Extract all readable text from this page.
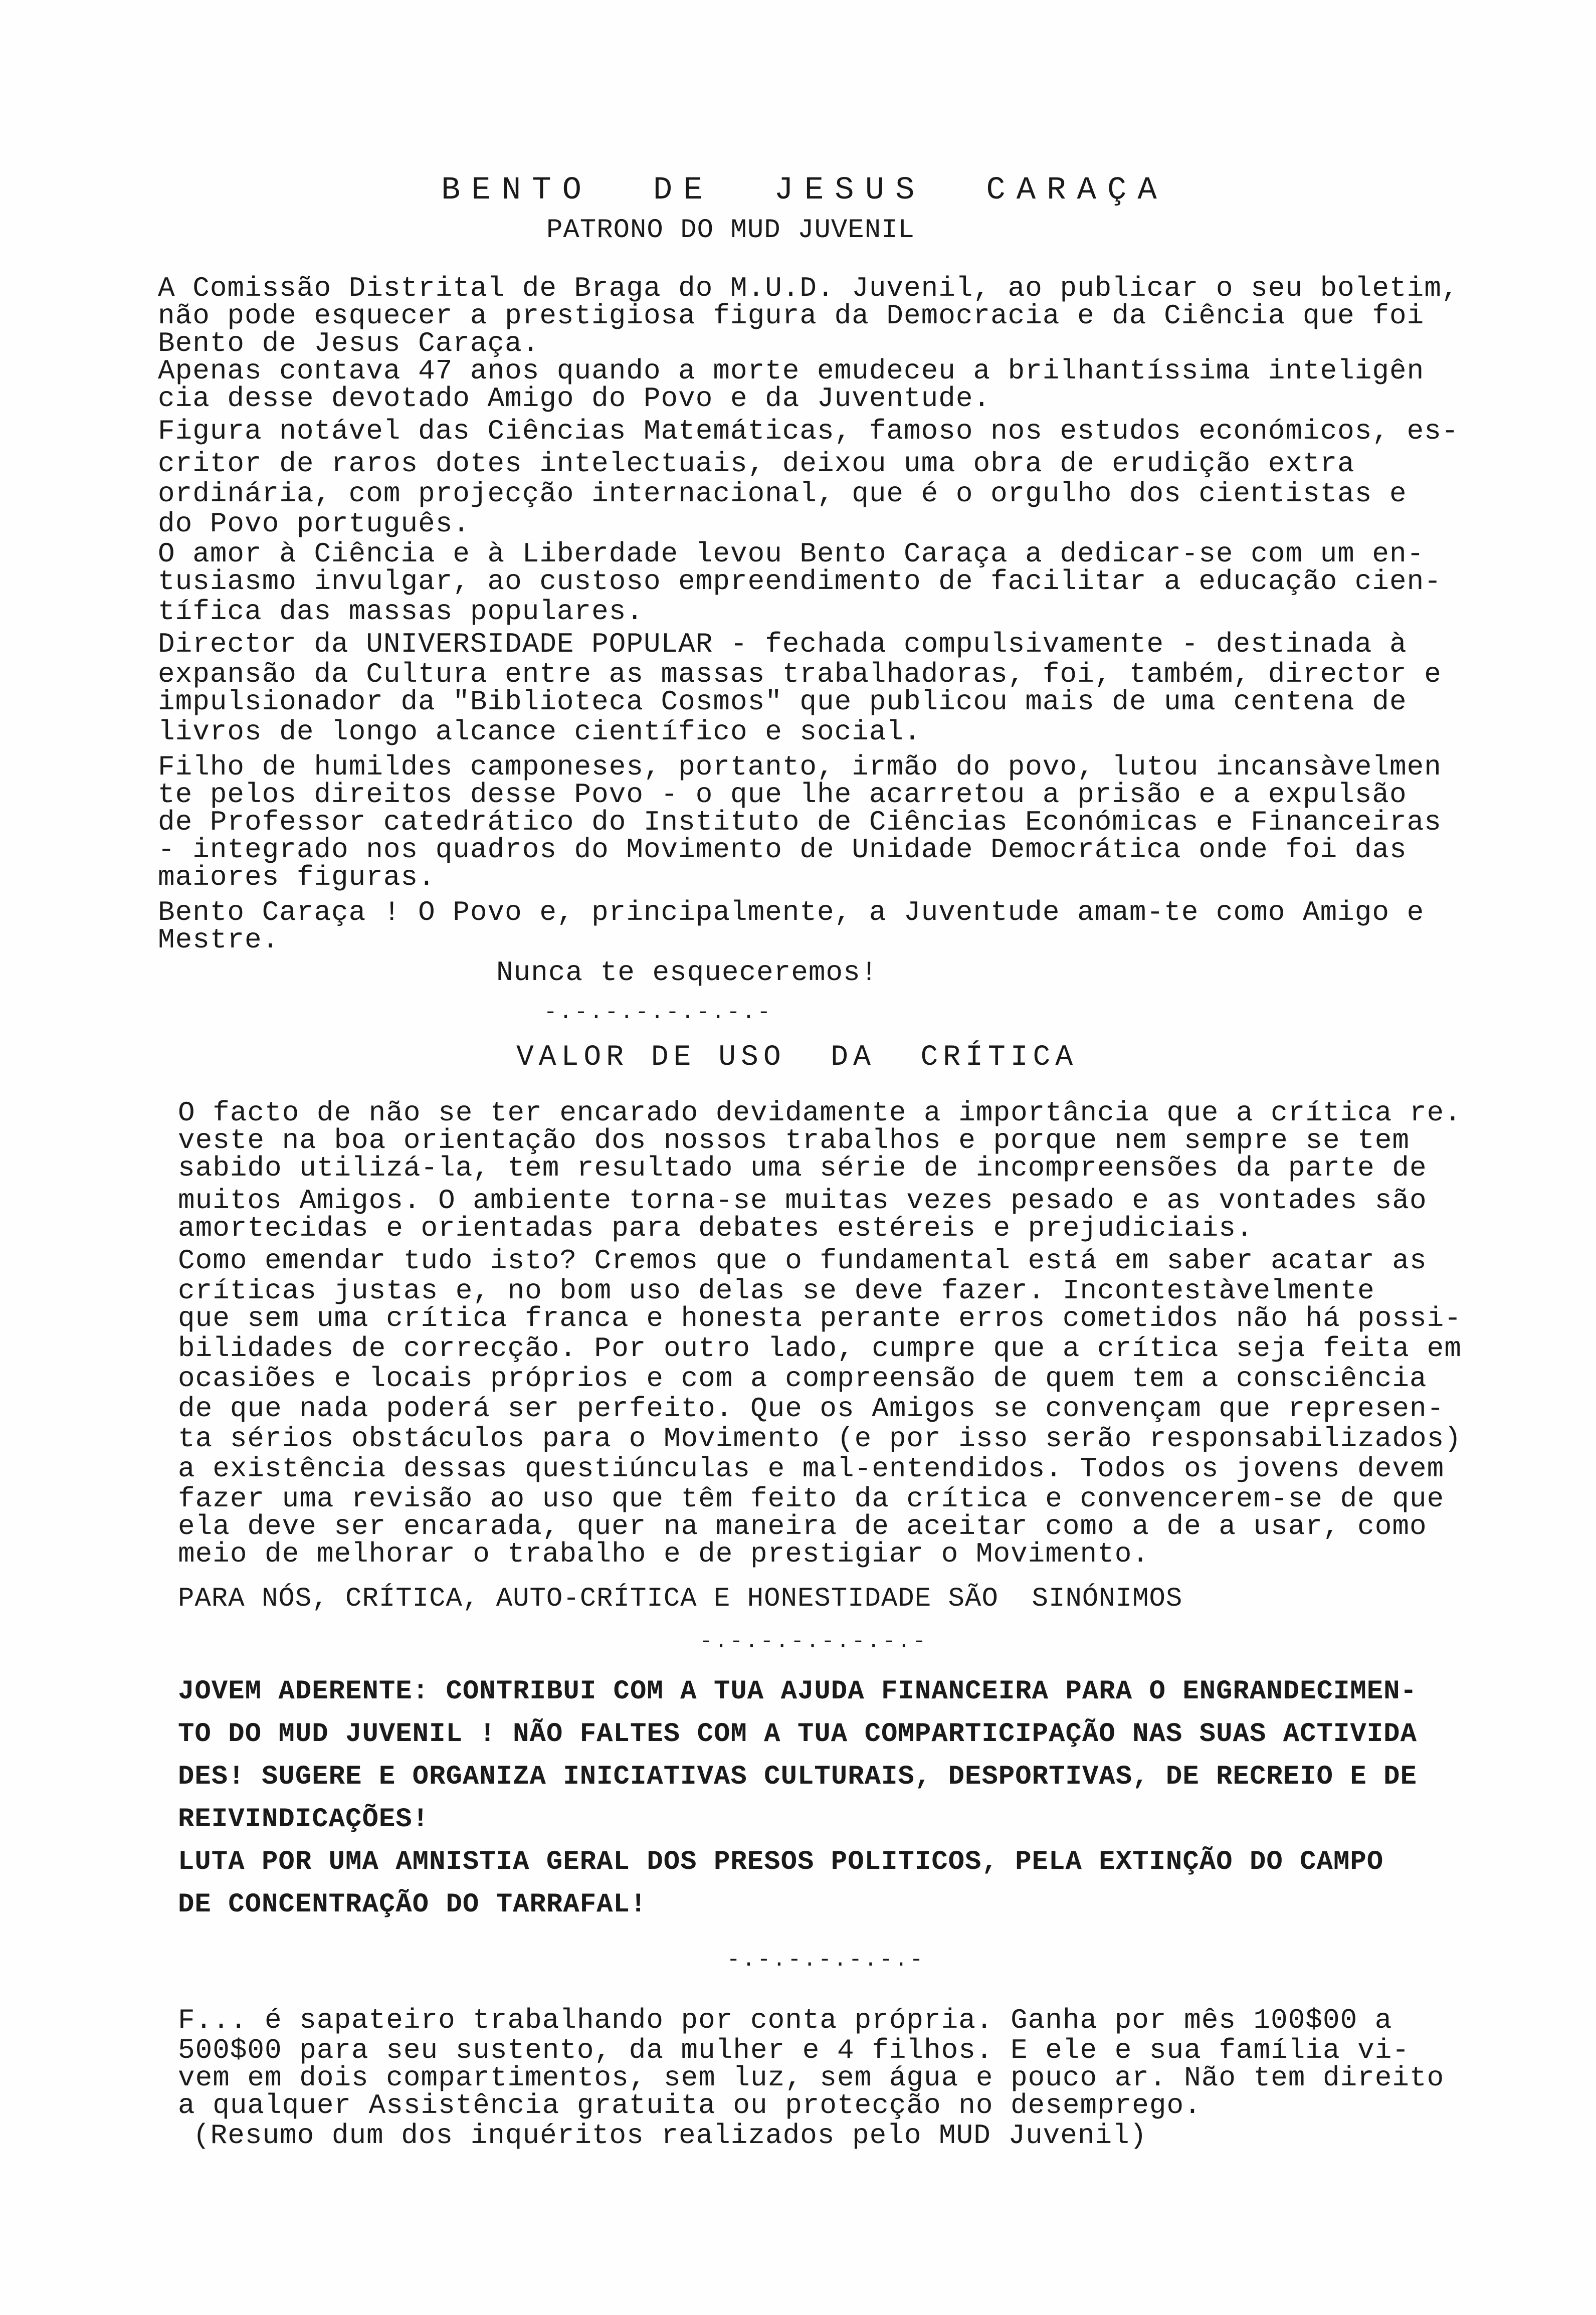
BENTO  DE  JESUS  CARAÇA
PATRONO DO MUD JUVENIL
A Comissão Distrital de Braga do M.U.D. Juvenil, ao publicar o seu boletim,
não pode esquecer a prestigiosa figura da Democracia e da Ciência que foi
Bento de Jesus Caraça.
Apenas contava 47 anos quando a morte emudeceu a brilhantíssima inteligên
cia desse devotado Amigo do Povo e da Juventude.
Figura notável das Ciências Matemáticas, famoso nos estudos económicos, es-
critor de raros dotes intelectuais, deixou uma obra de erudição extra
ordinária, com projecção internacional, que é o orgulho dos cientistas e
do Povo português.
O amor à Ciência e à Liberdade levou Bento Caraça a dedicar-se com um en-
tusiasmo invulgar, ao custoso empreendimento de facilitar a educação cien-
tífica das massas populares.
Director da UNIVERSIDADE POPULAR - fechada compulsivamente - destinada à
expansão da Cultura entre as massas trabalhadoras, foi, também, director e
impulsionador da "Biblioteca Cosmos" que publicou mais de uma centena de
livros de longo alcance científico e social.
Filho de humildes camponeses, portanto, irmão do povo, lutou incansàvelmen
te pelos direitos desse Povo - o que lhe acarretou a prisão e a expulsão
de Professor catedrático do Instituto de Ciências Económicas e Financeiras
- integrado nos quadros do Movimento de Unidade Democrática onde foi das
maiores figuras.
Bento Caraça ! O Povo e, principalmente, a Juventude amam-te como Amigo e
Mestre.
Nunca te esqueceremos!
-.-.-.-.-.-.-.-
VALOR DE USO  DA  CRÍTICA
O facto de não se ter encarado devidamente a importância que a crítica re.
veste na boa orientação dos nossos trabalhos e porque nem sempre se tem
sabido utilizá-la, tem resultado uma série de incompreensões da parte de
muitos Amigos. O ambiente torna-se muitas vezes pesado e as vontades são
amortecidas e orientadas para debates estéreis e prejudiciais.
Como emendar tudo isto? Cremos que o fundamental está em saber acatar as
críticas justas e, no bom uso delas se deve fazer. Incontestàvelmente
que sem uma crítica franca e honesta perante erros cometidos não há possi-
bilidades de correcção. Por outro lado, cumpre que a crítica seja feita em
ocasiões e locais próprios e com a compreensão de quem tem a consciência
de que nada poderá ser perfeito. Que os Amigos se convençam que represen-
ta sérios obstáculos para o Movimento (e por isso serão responsabilizados)
a existência dessas questiúnculas e mal-entendidos. Todos os jovens devem
fazer uma revisão ao uso que têm feito da crítica e convencerem-se de que
ela deve ser encarada, quer na maneira de aceitar como a de a usar, como
meio de melhorar o trabalho e de prestigiar o Movimento.
PARA NÓS, CRÍTICA, AUTO-CRÍTICA E HONESTIDADE SÃO  SINÓNIMOS
-.-.-.-.-.-.-.-
JOVEM ADERENTE: CONTRIBUI COM A TUA AJUDA FINANCEIRA PARA O ENGRANDECIMEN-
TO DO MUD JUVENIL ! NÃO FALTES COM A TUA COMPARTICIPAÇÃO NAS SUAS ACTIVIDA
DES! SUGERE E ORGANIZA INICIATIVAS CULTURAIS, DESPORTIVAS, DE RECREIO E DE
REIVINDICAÇÕES!
LUTA POR UMA AMNISTIA GERAL DOS PRESOS POLITICOS, PELA EXTINÇÃO DO CAMPO
DE CONCENTRAÇÃO DO TARRAFAL!
-.-.-.-.-.-.-
F... é sapateiro trabalhando por conta própria. Ganha por mês 100$00 a
500$00 para seu sustento, da mulher e 4 filhos. E ele e sua família vi-
vem em dois compartimentos, sem luz, sem água e pouco ar. Não tem direito
a qualquer Assistência gratuita ou protecção no desemprego.
(Resumo dum dos inquéritos realizados pelo MUD Juvenil)
